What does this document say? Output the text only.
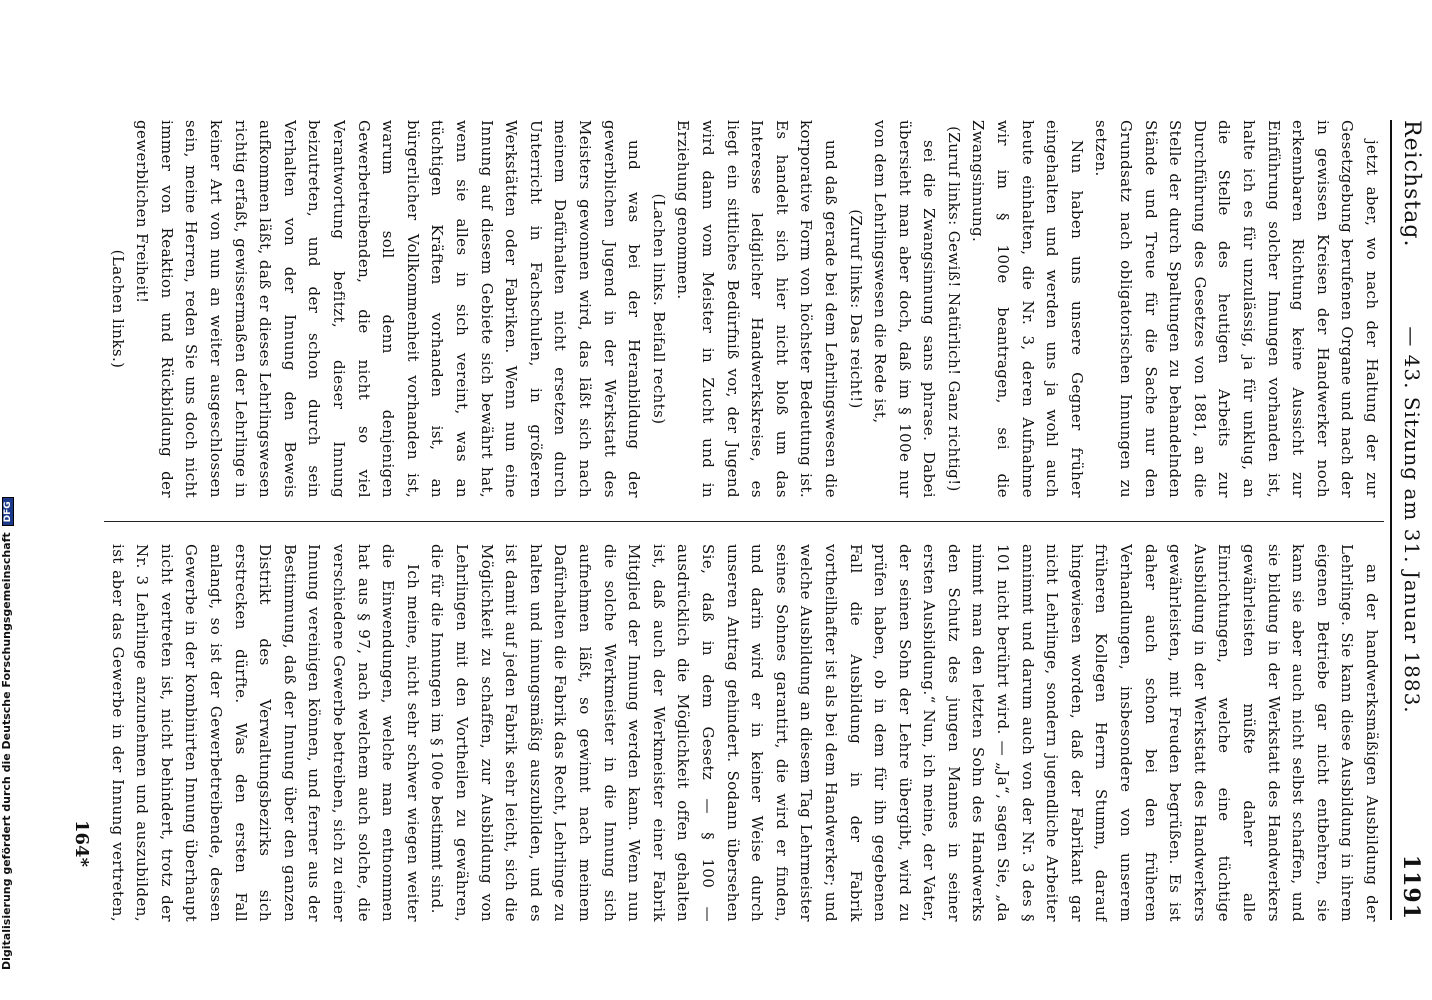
Reichstag.
— 43. Sitzung am 31. Januar 1883.
1191

jetzt aber, wo nach der Haltung der zur Gesetzgebung berufenen Organe und nach der in gewissen Kreisen der Handwerker noch erkennbaren Richtung keine Aussicht zur Einführung solcher Innungen vorhanden ist, halte ich es für unzulässig, ja für unklug, an die Stelle des heutigen Arbeits zur Durchführung des Gesetzes von 1881, an die Stelle der durch Spaltungen zu behandelnden Stände und Treue für die Sache nur den Grundsatz nach obligatorischen Innungen zu setzen.

Nun haben uns unsere Gegner früher eingehalten und werden uns ja wohl auch heute einhalten, die Nr. 3, deren Aufnahme wir im § 100e beantragen, sei die Zwangsinnung.

(Zuruf links: Gewiß! Natürlich! Ganz richtig!)

sei die Zwangsinnung sans phrase. Dabei übersieht man aber doch, daß im § 100e nur von dem Lehrlingswesen die Rede ist,

(Zuruf links: Das reicht!)

und daß gerade bei dem Lehrlingswesen die korporative Form von höchster Bedeutung ist. Es handelt sich hier nicht bloß um das Interesse lediglicher Handwerkskreise, es liegt ein sittliches Bedürfniß vor, der Jugend wird dann vom Meister in Zucht und in Erziehung genommen.

(Lachen links. Beifall rechts)

und was bei der Heranbildung der gewerblichen Jugend in der Werkstatt des Meisters gewonnen wird, das läßt sich nach meinem Dafürhalten nicht ersetzen durch Unterricht in Fachschulen, in größeren Werkstätten oder Fabriken. Wenn nun eine Innung auf diesem Gebiete sich bewährt hat, wenn sie alles in sich vereint, was an tüchtigen Kräften vorhanden ist, an bürgerlicher Vollkommenheit vorhanden ist, warum soll denn denjenigen Gewerbetreibenden, die nicht so viel Verantwortung befitzt, dieser Innung beizutreten, und der schon durch sein Verhalten von der Innung den Beweis aufkommen läßt, daß er dieses Lehrlingswesen richtig erfaßt, gewissermaßen der Lehrlinge in keiner Art von nun an weiter ausgeschlossen sein, meine Herren, reden Sie uns doch nicht immer von Reaktion und Rückbildung der gewerblichen Freiheit!

(Lachen links.)

an der handwerksmäßigen Ausbildung der Lehrlinge. Sie kann diese Ausbildung in ihrem eigenen Betriebe gar nicht entbehren, sie kann sie aber auch nicht selbst schaffen, und sie bildung in der Werkstatt des Handwerkers gewährleisten müßte daher alle Einrichtungen, welche eine tüchtige Ausbildung in der Werkstatt des Handwerkers gewährleisten, mit Freuden begrüßen. Es ist daher auch schon bei den früheren Verhandlungen, insbesondere von unserem früheren Kollegen Herrn Stumm, darauf hingewiesen worden, daß der Fabrikant gar nicht Lehrlinge, sondern jugendliche Arbeiter annimmt und darum auch von der Nr. 3 des § 101 nicht berührt wird. — „Ja“, sagen Sie, „da nimmt man den letzten Sohn des Handwerks den Schutz des jungen Mannes in seiner ersten Ausbildung.“ Nun, ich meine, der Vater, der seinen Sohn der Lehre übergibt, wird zu prüfen haben, ob in dem für ihn gegebenen Fall die Ausbildung in der Fabrik vortheilhafter ist als bei dem Handwerker; und welche Ausbildung an diesem Tag Lehrmeister seines Sohnes garantirt, die wird er finden, und darin wird er in keiner Weise durch unseren Antrag gehindert. Sodann übersehen Sie, daß in dem Gesetz — § 100 — ausdrücklich die Möglichkeit offen gehalten ist, daß auch der Werkmeister einer Fabrik Mitglied der Innung werden kann. Wenn nun die solche Werkmeister in die Innung sich aufnehmen läßt, so gewinnt nach meinem Dafürhalten die Fabrik das Recht, Lehrlinge zu halten und innungsmäßig auszubilden, und es ist damit auf jeden Fabrik sehr leicht, sich die Möglichkeit zu schaffen, zur Ausbildung von Lehrlingen mit den Vortheilen zu gewähren, die für die Innungen im § 100e bestimmt sind.

Ich meine, nicht sehr schwer wiegen weiter die Einwendungen, welche man entnommen hat aus § 97, nach welchem auch solche, die verschiedene Gewerbe betreiben, sich zu einer Innung vereinigen können, und ferner aus der Bestimmung, daß der Innung über den ganzen Distrikt des Verwaltungsbezirks sich erstrecken dürfte. Was den ersten Fall anlangt, so ist der Gewerbetreibende, dessen Gewerbe in der kombinirten Innung überhaupt nicht vertreten ist, nicht behindert, trotz der Nr. 3 Lehrlinge anzunehmen und auszubilden, ist aber das Gewerbe in der Innung vertreten,

164*
Digitalisierung gefördert durch die Deutsche ForschungsgemeinschaftDFG
